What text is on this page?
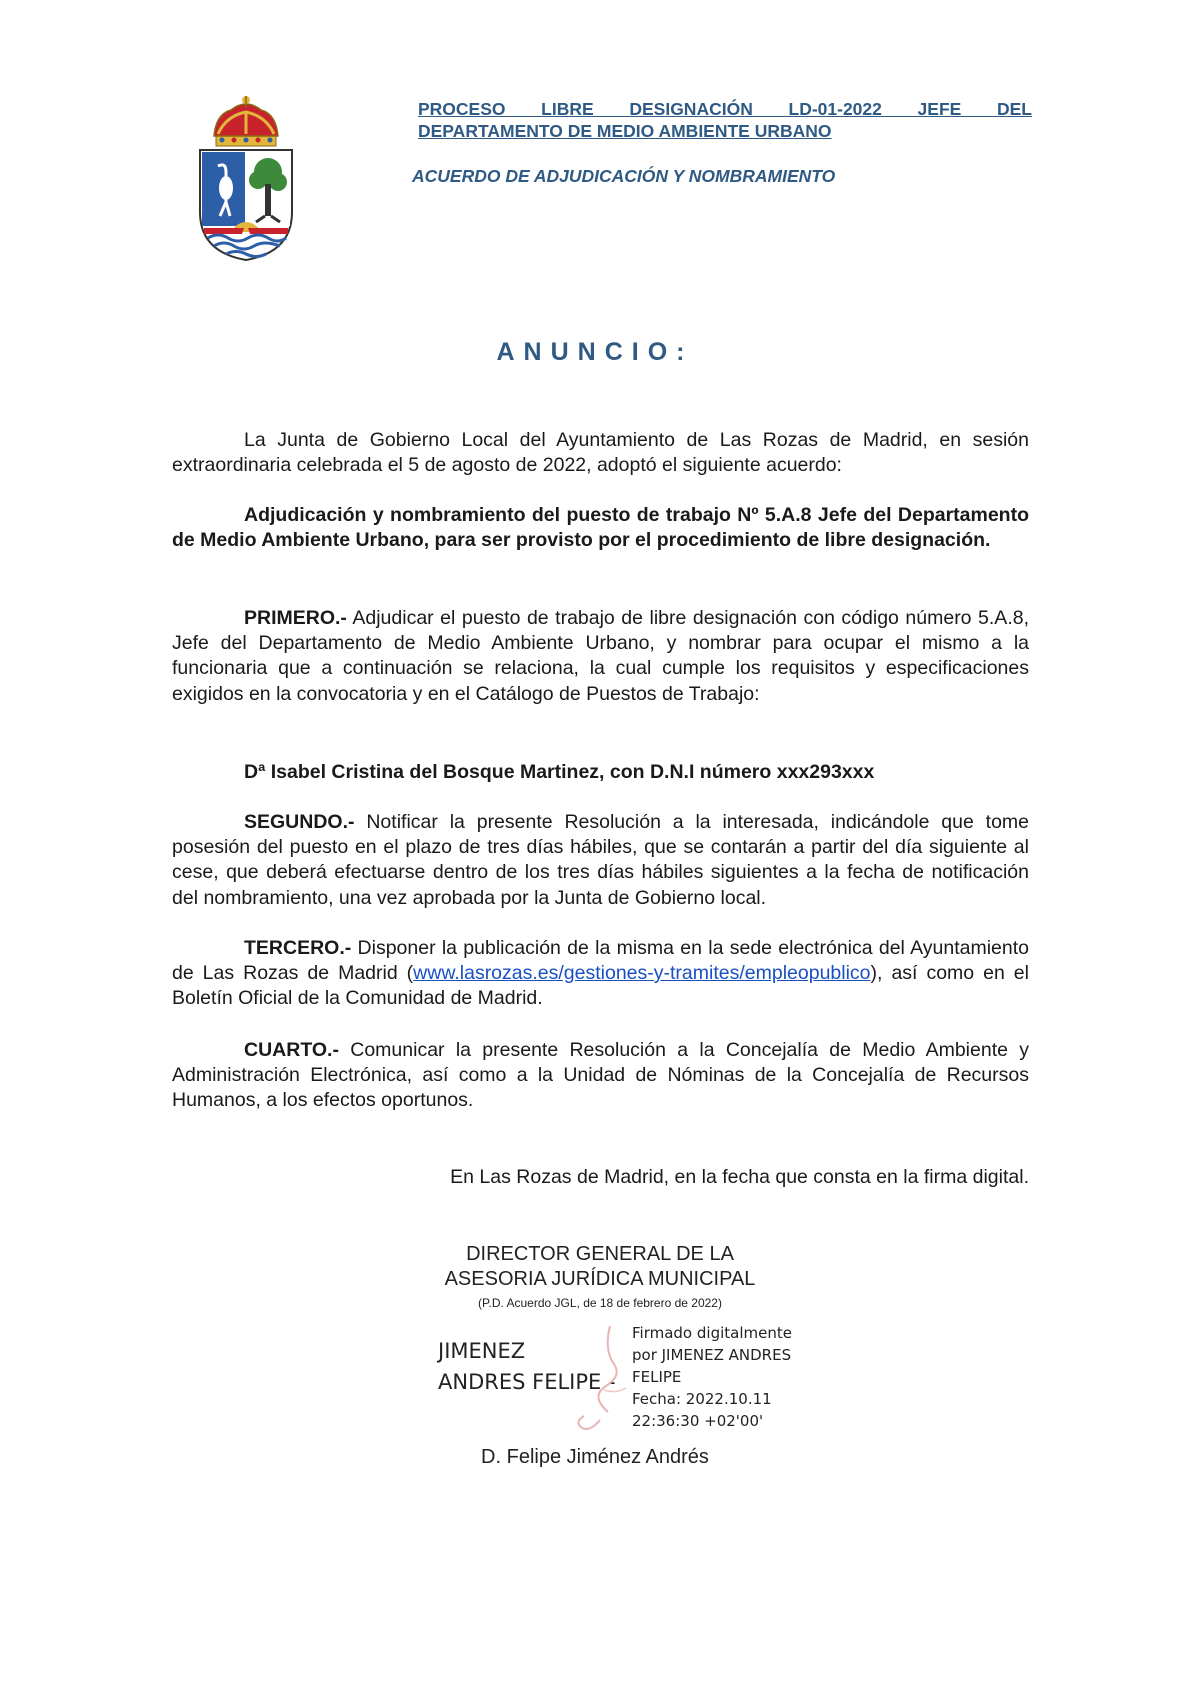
PROCESO LIBRE DESIGNACIÓN LD-01-2022 JEFE DEL
DEPARTAMENTO DE MEDIO AMBIENTE URBANO

ACUERDO DE ADJUDICACIÓN Y NOMBRAMIENTO

ANUNCIO:

La Junta de Gobierno Local del Ayuntamiento de Las Rozas de Madrid, en sesión extraordinaria celebrada el 5 de agosto de 2022, adoptó el siguiente acuerdo:

Adjudicación y nombramiento del puesto de trabajo Nº 5.A.8 Jefe del Departamento de Medio Ambiente Urbano, para ser provisto por el procedimiento de libre designación.

PRIMERO.- Adjudicar el puesto de trabajo de libre designación con código número 5.A.8, Jefe del Departamento de Medio Ambiente Urbano, y nombrar para ocupar el mismo a la funcionaria que a continuación se relaciona, la cual cumple los requisitos y especificaciones exigidos en la convocatoria y en el Catálogo de Puestos de Trabajo:

Dª Isabel Cristina del Bosque Martinez, con D.N.I número xxx293xxx

SEGUNDO.- Notificar la presente Resolución a la interesada, indicándole que tome posesión del puesto en el plazo de tres días hábiles, que se contarán a partir del día siguiente al cese, que deberá efectuarse dentro de los tres días hábiles siguientes a la fecha de notificación del nombramiento, una vez aprobada por la Junta de Gobierno local.

TERCERO.- Disponer la publicación de la misma en la sede electrónica del Ayuntamiento de Las Rozas de Madrid (www.lasrozas.es/gestiones-y-tramites/empleopublico), así como en el Boletín Oficial de la Comunidad de Madrid.

CUARTO.- Comunicar la presente Resolución a la Concejalía de Medio Ambiente y Administración Electrónica, así como a la Unidad de Nóminas de la Concejalía de Recursos Humanos, a los efectos oportunos.

En Las Rozas de Madrid, en la fecha que consta en la firma digital.

DIRECTOR GENERAL DE LA
ASESORIA JURÍDICA MUNICIPAL

(P.D. Acuerdo JGL, de 18 de febrero de 2022)

JIMENEZ
ANDRES FELIPE -

Firmado digitalmente
por JIMENEZ ANDRES
FELIPE
Fecha: 2022.10.11
22:36:30 +02'00'

D. Felipe Jiménez Andrés
